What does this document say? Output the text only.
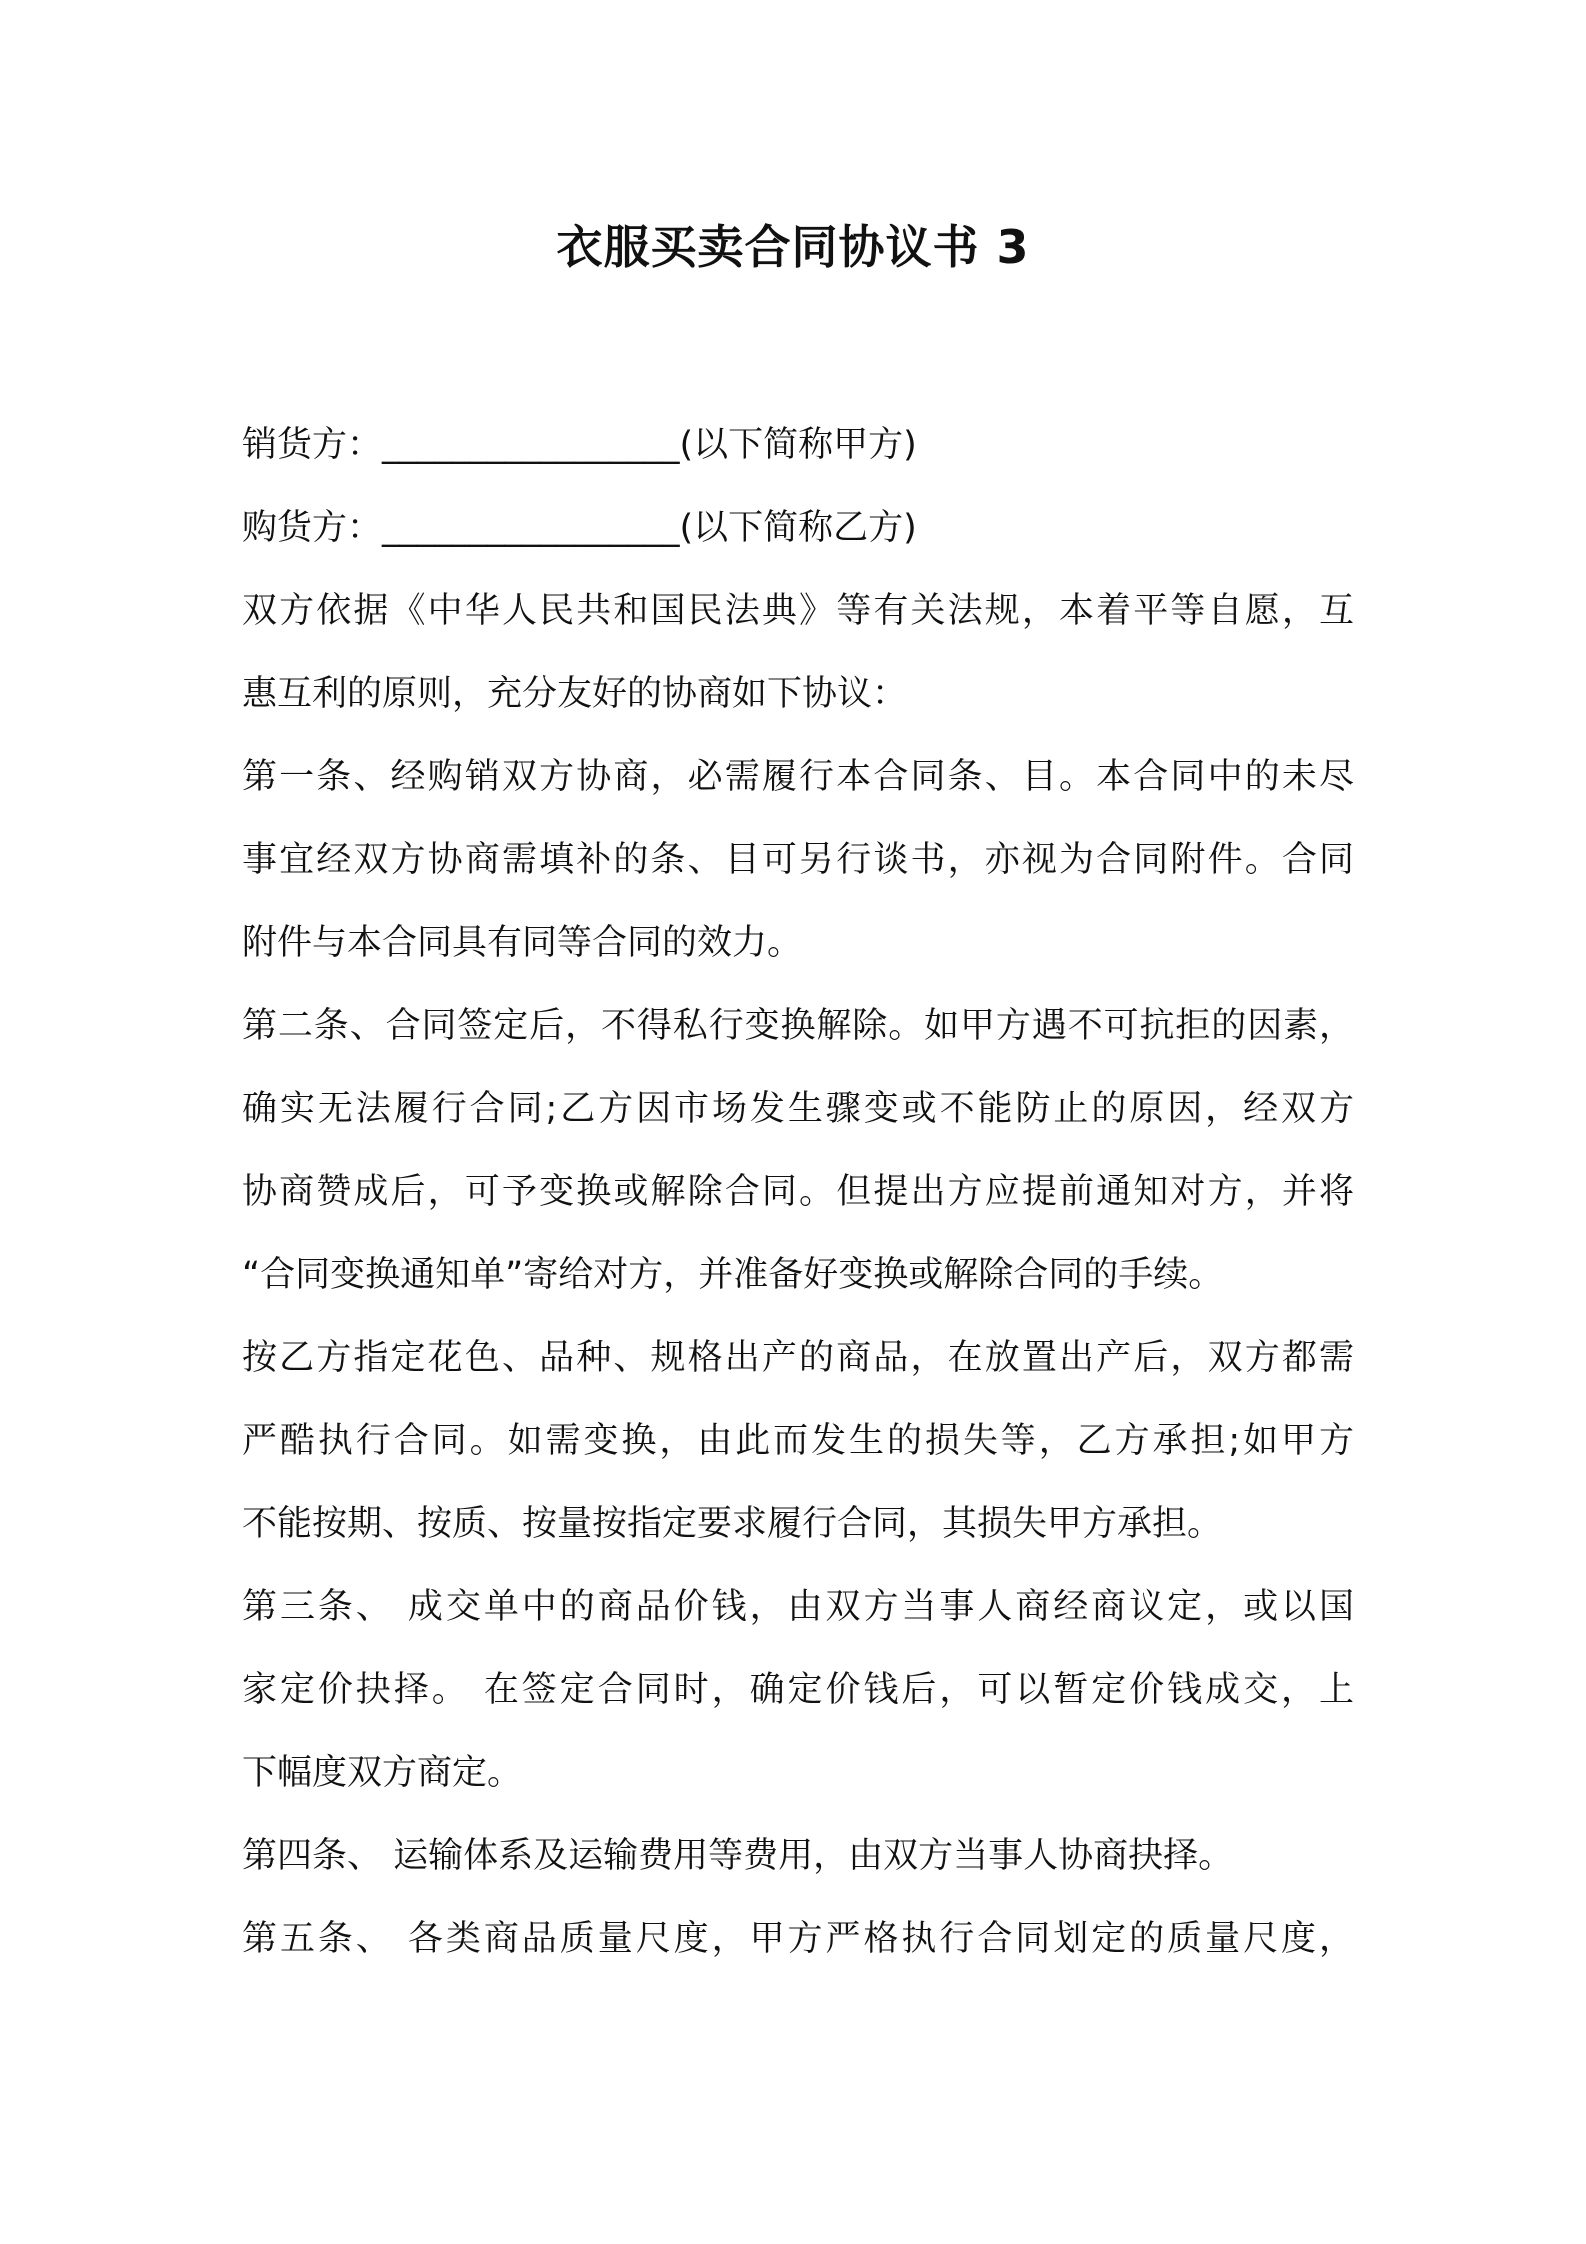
衣服买卖合同协议书 3
销货方：_________________(以下简称甲方)
购货方：_________________(以下简称乙方)
双方依据《中华人民共和国民法典》等有关法规，本着平等自愿，互
惠互利的原则，充分友好的协商如下协议：
第一条、经购销双方协商，必需履行本合同条、目。本合同中的未尽
事宜经双方协商需填补的条、目可另行谈书，亦视为合同附件。合同
附件与本合同具有同等合同的效力。
第二条、合同签定后，不得私行变换解除。如甲方遇不可抗拒的因素，
确实无法履行合同;乙方因市场发生骤变或不能防止的原因，经双方
协商赞成后，可予变换或解除合同。但提出方应提前通知对方，并将
“合同变换通知单”寄给对方，并准备好变换或解除合同的手续。
按乙方指定花色、品种、规格出产的商品，在放置出产后，双方都需
严酷执行合同。如需变换，由此而发生的损失等，乙方承担;如甲方
不能按期、按质、按量按指定要求履行合同，其损失甲方承担。
第三条、 成交单中的商品价钱，由双方当事人商经商议定，或以国
家定价抉择。 在签定合同时，确定价钱后，可以暂定价钱成交，上
下幅度双方商定。
第四条、 运输体系及运输费用等费用，由双方当事人协商抉择。
第五条、 各类商品质量尺度，甲方严格执行合同划定的质量尺度，
